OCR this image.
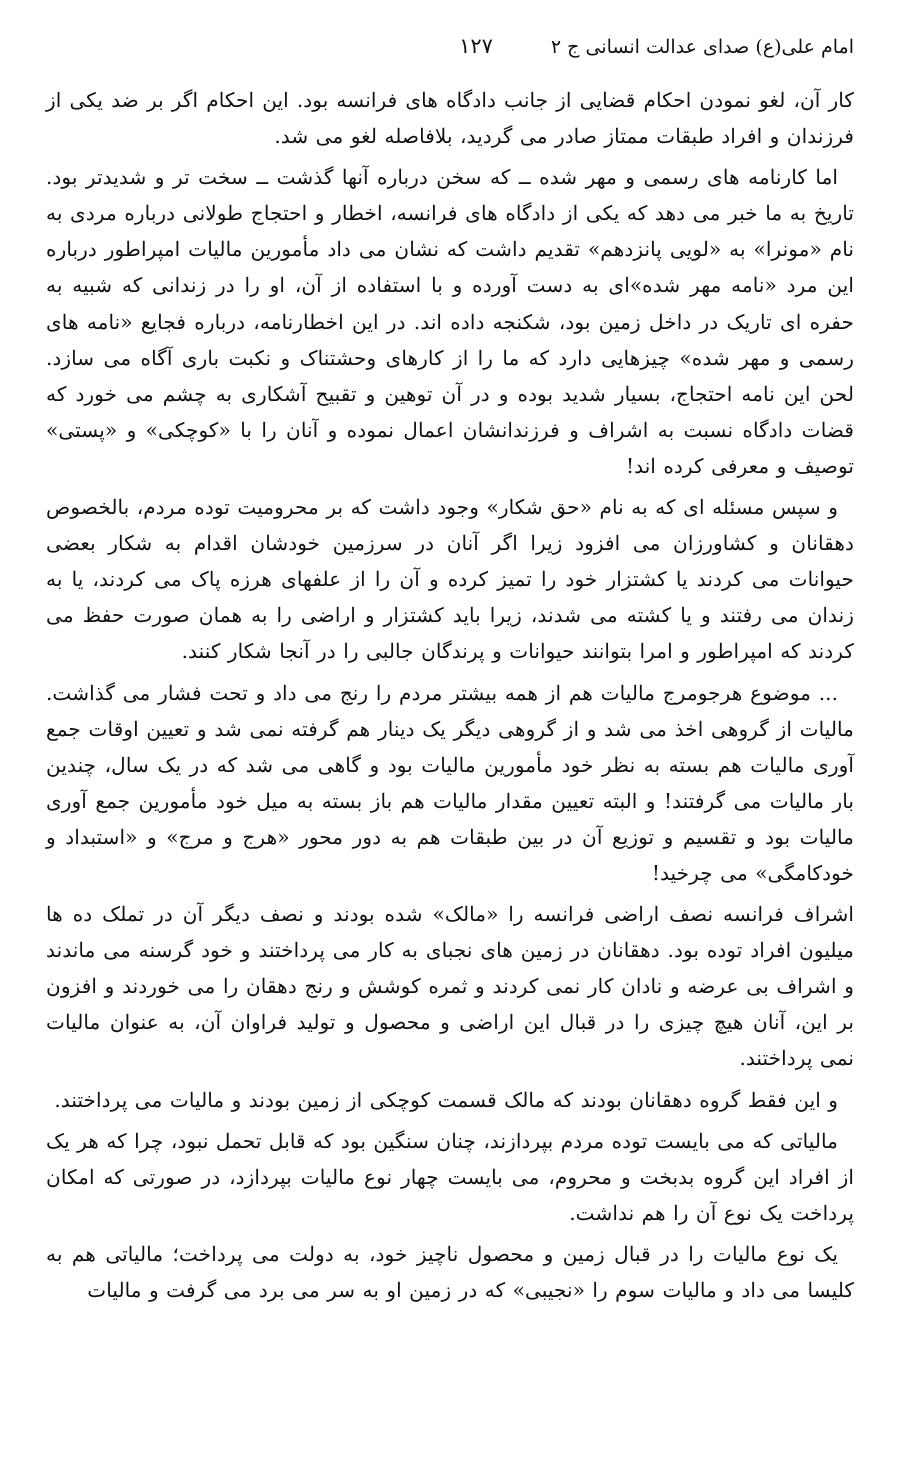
امام علی(ع) صدای عدالت انسانی ج ۲
۱۲۷

کار آن، لغو نمودن احکام قضایی از جانب دادگاه های فرانسه بود. این احکام اگر بر ضد یکی از فرزندان و افراد طبقات ممتاز صادر می گردید، بلافاصله لغو می شد.

اما کارنامه های رسمی و مهر شده ــ که سخن درباره آنها گذشت ــ سخت تر و شدیدتر بود. تاریخ به ما خبر می دهد که یکی از دادگاه های فرانسه، اخطار و احتجاج طولانی درباره مردی به نام «مونرا» به «لویی پانزدهم» تقدیم داشت که نشان می داد مأمورین مالیات امپراطور درباره این مرد «نامه مهر شده»ای به دست آورده و با استفاده از آن، او را در زندانی که شبیه به حفره ای تاریک در داخل زمین بود، شکنجه داده اند. در این اخطارنامه، درباره فجایع «نامه های رسمی و مهر شده» چیزهایی دارد که ما را از کارهای وحشتناک و نکبت باری آگاه می سازد. لحن این نامه احتجاج، بسیار شدید بوده و در آن توهین و تقبیح آشکاری به چشم می خورد که قضات دادگاه نسبت به اشراف و فرزندانشان اعمال نموده و آنان را با «کوچکی» و «پستی» توصیف و معرفی کرده اند!

و سپس مسئله ای که به نام «حق شکار» وجود داشت که بر محرومیت توده مردم، بالخصوص دهقانان و کشاورزان می افزود زیرا اگر آنان در سرزمین خودشان اقدام به شکار بعضی حیوانات می کردند یا کشتزار خود را تمیز کرده و آن را از علفهای هرزه پاک می کردند، یا به زندان می رفتند و یا کشته می شدند، زیرا باید کشتزار و اراضی را به همان صورت حفظ می کردند که امپراطور و امرا بتوانند حیوانات و پرندگان جالبی را در آنجا شکار کنند.

... موضوع هرجومرج مالیات هم از همه بیشتر مردم را رنج می داد و تحت فشار می گذاشت. مالیات از گروهی اخذ می شد و از گروهی دیگر یک دینار هم گرفته نمی شد و تعیین اوقات جمع آوری مالیات هم بسته به نظر خود مأمورین مالیات بود و گاهی می شد که در یک سال، چندین بار مالیات می گرفتند! و البته تعیین مقدار مالیات هم باز بسته به میل خود مأمورین جمع آوری مالیات بود و تقسیم و توزیع آن در بین طبقات هم به دور محور «هرج و مرج» و «استبداد و خودکامگی» می چرخید!

اشراف فرانسه نصف اراضی فرانسه را «مالک» شده بودند و نصف دیگر آن در تملک ده ها میلیون افراد توده بود. دهقانان در زمین های نجبای به کار می پرداختند و خود گرسنه می ماندند و اشراف بی عرضه و نادان کار نمی کردند و ثمره کوشش و رنج دهقان را می خوردند و افزون بر این، آنان هیچ چیزی را در قبال این اراضی و محصول و تولید فراوان آن، به عنوان مالیات نمی پرداختند.

و این فقط گروه دهقانان بودند که مالک قسمت کوچکی از زمین بودند و مالیات می پرداختند.

مالیاتی که می بایست توده مردم بپردازند، چنان سنگین بود که قابل تحمل نبود، چرا که هر یک از افراد این گروه بدبخت و محروم، می بایست چهار نوع مالیات بپردازد، در صورتی که امکان پرداخت یک نوع آن را هم نداشت.

یک نوع مالیات را در قبال زمین و محصول ناچیز خود، به دولت می پرداخت؛ مالیاتی هم به کلیسا می داد و مالیات سوم را «نجیبی» که در زمین او به سر می برد می گرفت و مالیات
